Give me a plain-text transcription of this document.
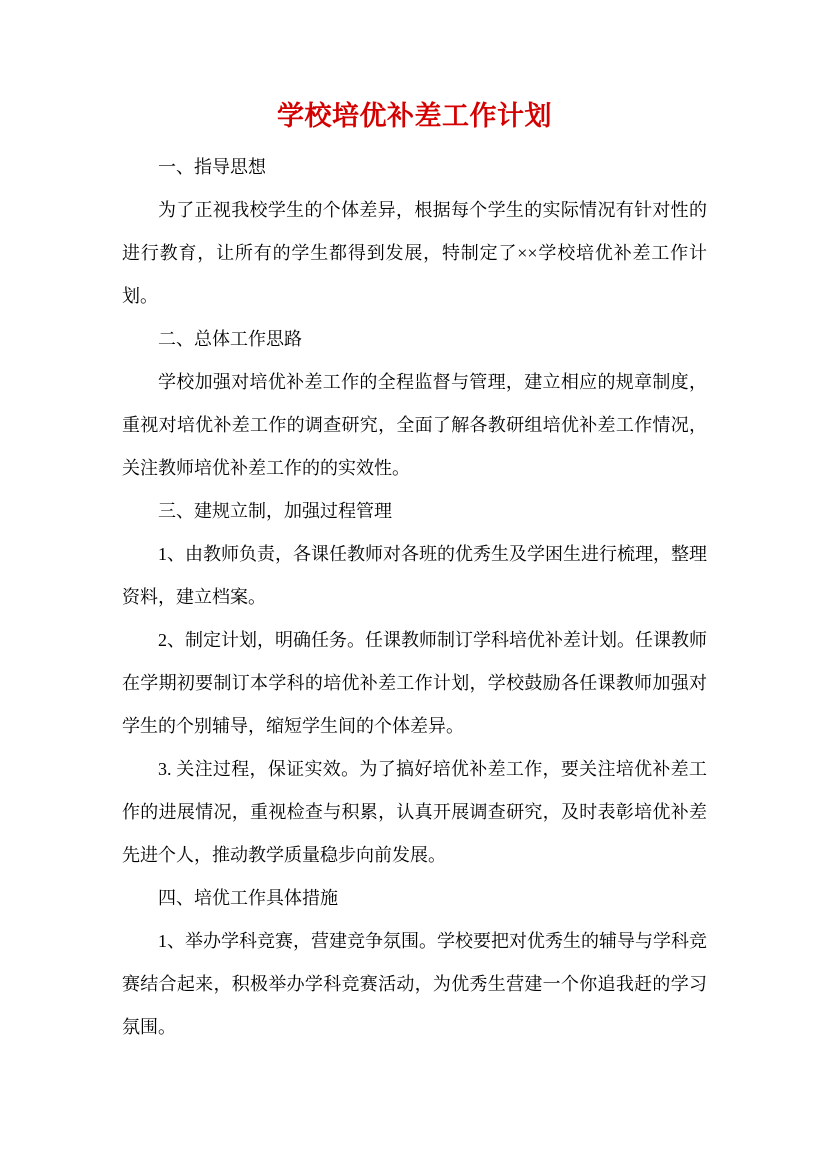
学校培优补差工作计划

一、指导思想

为了正视我校学生的个体差异，根据每个学生的实际情况有针对性的进行教育，让所有的学生都得到发展，特制定了××学校培优补差工作计划。

二、总体工作思路

学校加强对培优补差工作的全程监督与管理，建立相应的规章制度，重视对培优补差工作的调查研究，全面了解各教研组培优补差工作情况，关注教师培优补差工作的的实效性。

三、建规立制，加强过程管理

1、由教师负责，各课任教师对各班的优秀生及学困生进行梳理，整理资料，建立档案。

2、制定计划，明确任务。任课教师制订学科培优补差计划。任课教师在学期初要制订本学科的培优补差工作计划，学校鼓励各任课教师加强对学生的个别辅导，缩短学生间的个体差异。

3. 关注过程，保证实效。为了搞好培优补差工作，要关注培优补差工作的进展情况，重视检查与积累，认真开展调查研究，及时表彰培优补差先进个人，推动教学质量稳步向前发展。

四、培优工作具体措施

1、举办学科竞赛，营建竞争氛围。学校要把对优秀生的辅导与学科竞赛结合起来，积极举办学科竞赛活动，为优秀生营建一个你追我赶的学习氛围。
